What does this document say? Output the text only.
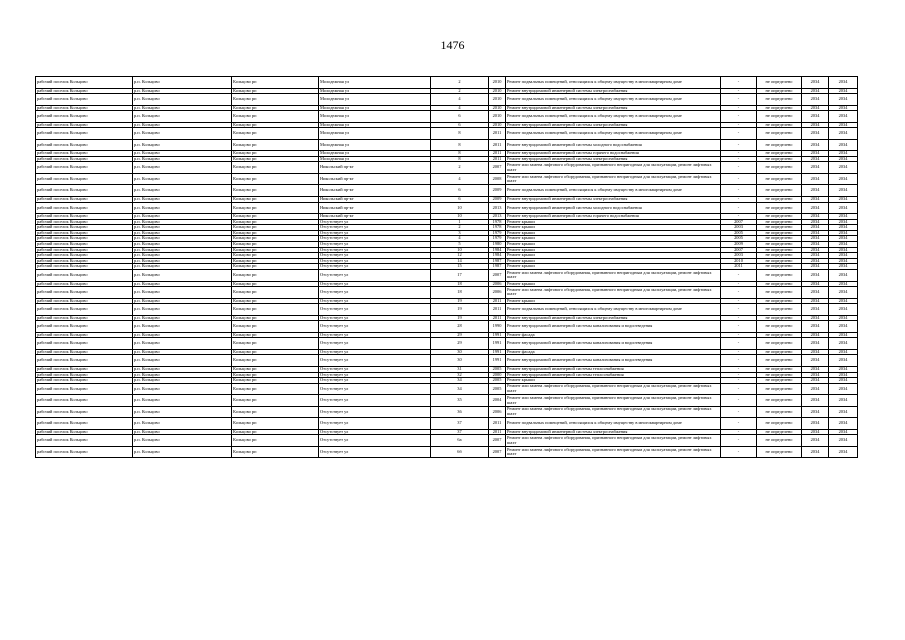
1476
рабочий поселок Кольцово	р.п. Кольцово	Кольцово рп	Молодежная ул	2	2010	Ремонт подвальных помещений, относящихся к общему имуществу в многоквартирном доме	-	не определено	2034	2034
рабочий поселок Кольцово	р.п. Кольцово	Кольцово рп	Молодежная ул	2	2010	Ремонт внутридомовой инженерной системы электроснабжения	-	не определено	2034	2034
рабочий поселок Кольцово	р.п. Кольцово	Кольцово рп	Молодежная ул	4	2010	Ремонт подвальных помещений, относящихся к общему имуществу в многоквартирном доме	-	не определено	2034	2034
рабочий поселок Кольцово	р.п. Кольцово	Кольцово рп	Молодежная ул	4	2010	Ремонт внутридомовой инженерной системы электроснабжения	-	не определено	2034	2034
рабочий поселок Кольцово	р.п. Кольцово	Кольцово рп	Молодежная ул	6	2010	Ремонт подвальных помещений, относящихся к общему имуществу в многоквартирном доме	-	не определено	2034	2034
рабочий поселок Кольцово	р.п. Кольцово	Кольцово рп	Молодежная ул	6	2010	Ремонт внутридомовой инженерной системы электроснабжения	-	не определено	2034	2034
рабочий поселок Кольцово	р.п. Кольцово	Кольцово рп	Молодежная ул	8	2011	Ремонт подвальных помещений, относящихся к общему имуществу в многоквартирном доме	-	не определено	2034	2034
рабочий поселок Кольцово	р.п. Кольцово	Кольцово рп	Молодежная ул	8	2011	Ремонт внутридомовой инженерной системы холодного водоснабжения	-	не определено	2034	2034
рабочий поселок Кольцово	р.п. Кольцово	Кольцово рп	Молодежная ул	8	2011	Ремонт внутридомовой инженерной системы горячего водоснабжения	-	не определено	2034	2034
рабочий поселок Кольцово	р.п. Кольцово	Кольцово рп	Молодежная ул	8	2011	Ремонт внутридомовой инженерной системы электроснабжения	-	не определено	2034	2034
рабочий поселок Кольцово	р.п. Кольцово	Кольцово рп	Никольский пр-кт	2	2007	Ремонт или замена лифтового оборудования, признанного непригодным для эксплуатации, ремонт лифтовых шахт	-	не определено	2034	2034
рабочий поселок Кольцово	р.п. Кольцово	Кольцово рп	Никольский пр-кт	4	2008	Ремонт или замена лифтового оборудования, признанного непригодным для эксплуатации, ремонт лифтовых шахт	-	не определено	2034	2034
рабочий поселок Кольцово	р.п. Кольцово	Кольцово рп	Никольский пр-кт	6	2009	Ремонт подвальных помещений, относящихся к общему имуществу в многоквартирном доме	-	не определено	2034	2034
рабочий поселок Кольцово	р.п. Кольцово	Кольцово рп	Никольский пр-кт	6	2009	Ремонт внутридомовой инженерной системы электроснабжения	-	не определено	2034	2034
рабочий поселок Кольцово	р.п. Кольцово	Кольцово рп	Никольский пр-кт	10	2013	Ремонт внутридомовой инженерной системы холодного водоснабжения	-	не определено	2034	2034
рабочий поселок Кольцово	р.п. Кольцово	Кольцово рп	Никольский пр-кт	10	2013	Ремонт внутридомовой инженерной системы горячего водоснабжения	-	не определено	2034	2034
рабочий поселок Кольцово	р.п. Кольцово	Кольцово рп	Отсутствует ул	1	1978	Ремонт крыши	2007	не определено	2034	2034
рабочий поселок Кольцово	р.п. Кольцово	Кольцово рп	Отсутствует ул	2	1978	Ремонт крыши	2003	не определено	2034	2034
рабочий поселок Кольцово	р.п. Кольцово	Кольцово рп	Отсутствует ул	3	1979	Ремонт крыши	2005	не определено	2034	2034
рабочий поселок Кольцово	р.п. Кольцово	Кольцово рп	Отсутствует ул	4	1979	Ремонт крыши	2005	не определено	2034	2034
рабочий поселок Кольцово	р.п. Кольцово	Кольцово рп	Отсутствует ул	5	1980	Ремонт крыши	2009	не определено	2034	2034
рабочий поселок Кольцово	р.п. Кольцово	Кольцово рп	Отсутствует ул	10	1984	Ремонт крыши	2007	не определено	2034	2034
рабочий поселок Кольцово	р.п. Кольцово	Кольцово рп	Отсутствует ул	12	1984	Ремонт крыши	2003	не определено	2034	2034
рабочий поселок Кольцово	р.п. Кольцово	Кольцово рп	Отсутствует ул	14	1987	Ремонт крыши	2010	не определено	2034	2034
рабочий поселок Кольцово	р.п. Кольцово	Кольцово рп	Отсутствует ул	15	1987	Ремонт крыши	2011	не определено	2034	2034
рабочий поселок Кольцово	р.п. Кольцово	Кольцово рп	Отсутствует ул	17	2007	Ремонт или замена лифтового оборудования, признанного непригодным для эксплуатации, ремонт лифтовых шахт	-	не определено	2034	2034
рабочий поселок Кольцово	р.п. Кольцово	Кольцово рп	Отсутствует ул	18	2006	Ремонт крыши	-	не определено	2034	2034
рабочий поселок Кольцово	р.п. Кольцово	Кольцово рп	Отсутствует ул	18	2006	Ремонт или замена лифтового оборудования, признанного непригодным для эксплуатации, ремонт лифтовых шахт	-	не определено	2034	2034
рабочий поселок Кольцово	р.п. Кольцово	Кольцово рп	Отсутствует ул	19	2011	Ремонт крыши	-	не определено	2034	2034
рабочий поселок Кольцово	р.п. Кольцово	Кольцово рп	Отсутствует ул	19	2011	Ремонт подвальных помещений, относящихся к общему имуществу в многоквартирном доме	-	не определено	2034	2034
рабочий поселок Кольцово	р.п. Кольцово	Кольцово рп	Отсутствует ул	19	2011	Ремонт внутридомовой инженерной системы электроснабжения	-	не определено	2034	2034
рабочий поселок Кольцово	р.п. Кольцово	Кольцово рп	Отсутствует ул	28	1990	Ремонт внутридомовой инженерной системы канализования и водоотведения	-	не определено	2034	2034
рабочий поселок Кольцово	р.п. Кольцово	Кольцово рп	Отсутствует ул	29	1991	Ремонт фасада	-	не определено	2034	2034
рабочий поселок Кольцово	р.п. Кольцово	Кольцово рп	Отсутствует ул	29	1991	Ремонт внутридомовой инженерной системы канализования и водоотведения	-	не определено	2034	2034
рабочий поселок Кольцово	р.п. Кольцово	Кольцово рп	Отсутствует ул	30	1991	Ремонт фасада	-	не определено	2034	2034
рабочий поселок Кольцово	р.п. Кольцово	Кольцово рп	Отсутствует ул	30	1991	Ремонт внутридомовой инженерной системы канализования и водоотведения	-	не определено	2034	2034
рабочий поселок Кольцово	р.п. Кольцово	Кольцово рп	Отсутствует ул	31	2005	Ремонт внутридомовой инженерной системы теплоснабжения	-	не определено	2034	2034
рабочий поселок Кольцово	р.п. Кольцово	Кольцово рп	Отсутствует ул	32	2000	Ремонт внутридомовой инженерной системы теплоснабжения	-	не определено	2034	2034
рабочий поселок Кольцово	р.п. Кольцово	Кольцово рп	Отсутствует ул	34	2005	Ремонт крыши	-	не определено	2034	2034
рабочий поселок Кольцово	р.п. Кольцово	Кольцово рп	Отсутствует ул	34	2005	Ремонт или замена лифтового оборудования, признанного непригодным для эксплуатации, ремонт лифтовых шахт	-	не определено	2034	2034
рабочий поселок Кольцово	р.п. Кольцово	Кольцово рп	Отсутствует ул	35	2004	Ремонт или замена лифтового оборудования, признанного непригодным для эксплуатации, ремонт лифтовых шахт	-	не определено	2034	2034
рабочий поселок Кольцово	р.п. Кольцово	Кольцово рп	Отсутствует ул	36	2006	Ремонт или замена лифтового оборудования, признанного непригодным для эксплуатации, ремонт лифтовых шахт	-	не определено	2034	2034
рабочий поселок Кольцово	р.п. Кольцово	Кольцово рп	Отсутствует ул	37	2011	Ремонт подвальных помещений, относящихся к общему имуществу в многоквартирном доме	-	не определено	2034	2034
рабочий поселок Кольцово	р.п. Кольцово	Кольцово рп	Отсутствует ул	37	2011	Ремонт внутридомовой инженерной системы электроснабжения	-	не определено	2034	2034
рабочий поселок Кольцово	р.п. Кольцово	Кольцово рп	Отсутствует ул	6а	2007	Ремонт или замена лифтового оборудования, признанного непригодным для эксплуатации, ремонт лифтовых шахт	-	не определено	2034	2034
рабочий поселок Кольцово	р.п. Кольцово	Кольцово рп	Отсутствует ул	6б	2007	Ремонт или замена лифтового оборудования, признанного непригодным для эксплуатации, ремонт лифтовых шахт	-	не определено	2034	2034
